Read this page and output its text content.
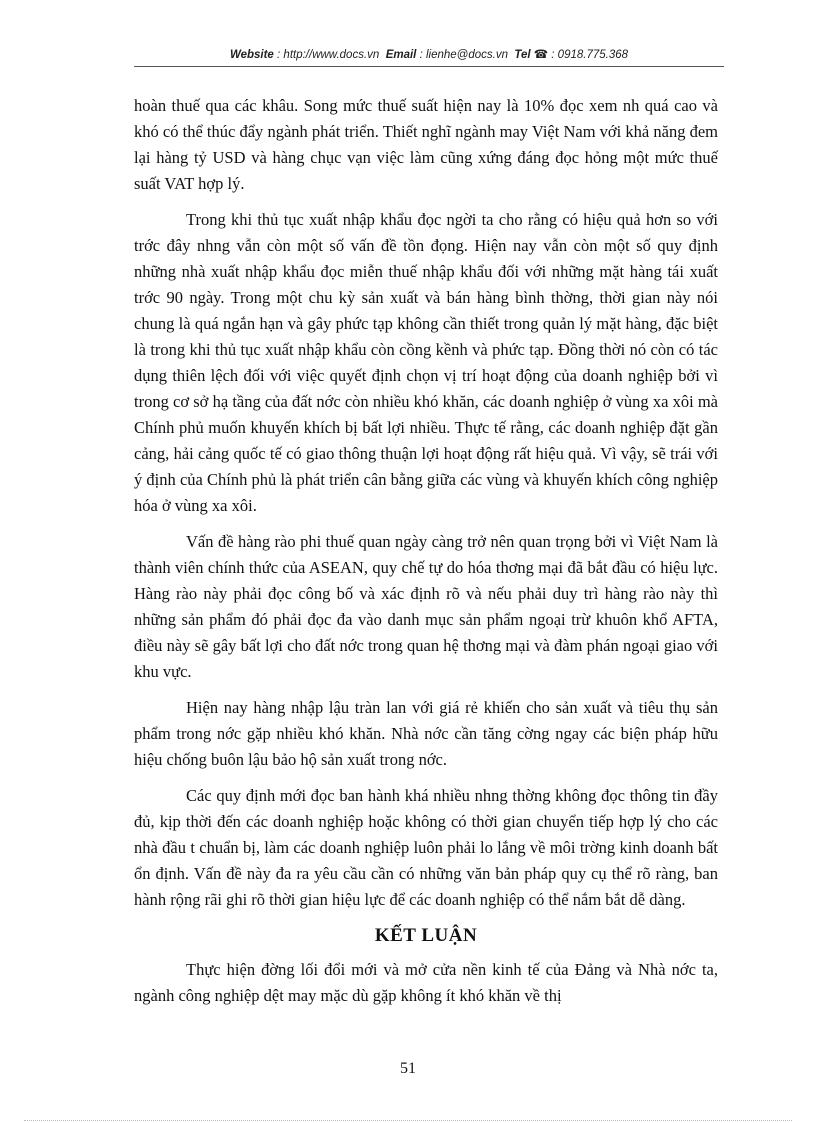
Website : http://www.docs.vn Email : lienhe@docs.vn Tel ☎ : 0918.775.368

hoàn thuế qua các khâu. Song mức thuế suất hiện nay là 10% đọc xem nh quá cao và khó có thể thúc đẩy ngành phát triển. Thiết nghĩ ngành may Việt Nam với khả năng đem lại hàng tỷ USD và hàng chục vạn việc làm cũng xứng đáng đọc hỏng một mức thuế suất VAT hợp lý.

Trong khi thủ tục xuất nhập khẩu đọc ngời ta cho rằng có hiệu quả hơn so với trớc đây nhng vẫn còn một số vấn đề tồn đọng. Hiện nay vẫn còn một số quy định những nhà xuất nhập khẩu đọc miễn thuế nhập khẩu đối với những mặt hàng tái xuất trớc 90 ngày. Trong một chu kỳ sản xuất và bán hàng bình thờng, thời gian này nói chung là quá ngắn hạn và gây phức tạp không cần thiết trong quản lý mặt hàng, đặc biệt là trong khi thủ tục xuất nhập khẩu còn cồng kềnh và phức tạp. Đồng thời nó còn có tác dụng thiên lệch đối với việc quyết định chọn vị trí hoạt động của doanh nghiệp bởi vì trong cơ sở hạ tầng của đất nớc còn nhiều khó khăn, các doanh nghiệp ở vùng xa xôi mà Chính phủ muốn khuyến khích bị bất lợi nhiều. Thực tế rằng, các doanh nghiệp đặt gần cảng, hải cảng quốc tế có giao thông thuận lợi hoạt động rất hiệu quả. Vì vậy, sẽ trái với ý định của Chính phủ là phát triển cân bằng giữa các vùng và khuyến khích công nghiệp hóa ở vùng xa xôi.

Vấn đề hàng rào phi thuế quan ngày càng trở nên quan trọng bởi vì Việt Nam là thành viên chính thức của ASEAN, quy chế tự do hóa thơng mại đã bắt đầu có hiệu lực. Hàng rào này phải đọc công bố và xác định rõ và nếu phải duy trì hàng rào này thì những sản phẩm đó phải đọc đa vào danh mục sản phẩm ngoại trừ khuôn khổ AFTA, điều này sẽ gây bất lợi cho đất nớc trong quan hệ thơng mại và đàm phán ngoại giao với khu vực.

Hiện nay hàng nhập lậu tràn lan với giá rẻ khiến cho sản xuất và tiêu thụ sản phẩm trong nớc gặp nhiều khó khăn. Nhà nớc cần tăng cờng ngay các biện pháp hữu hiệu chống buôn lậu bảo hộ sản xuất trong nớc.

Các quy định mới đọc ban hành khá nhiều nhng thờng không đọc thông tin đầy đủ, kịp thời đến các doanh nghiệp hoặc không có thời gian chuyển tiếp hợp lý cho các nhà đầu t chuẩn bị, làm các doanh nghiệp luôn phải lo lắng về môi trờng kinh doanh bất ổn định. Vấn đề này đa ra yêu cầu cần có những văn bản pháp quy cụ thể rõ ràng, ban hành rộng rãi ghi rõ thời gian hiệu lực để các doanh nghiệp có thể nắm bắt dễ dàng.

KẾT LUẬN

Thực hiện đờng lối đổi mới và mở cửa nền kinh tế của Đảng và Nhà nớc ta, ngành công nghiệp dệt may mặc dù gặp không ít khó khăn về thị

51
